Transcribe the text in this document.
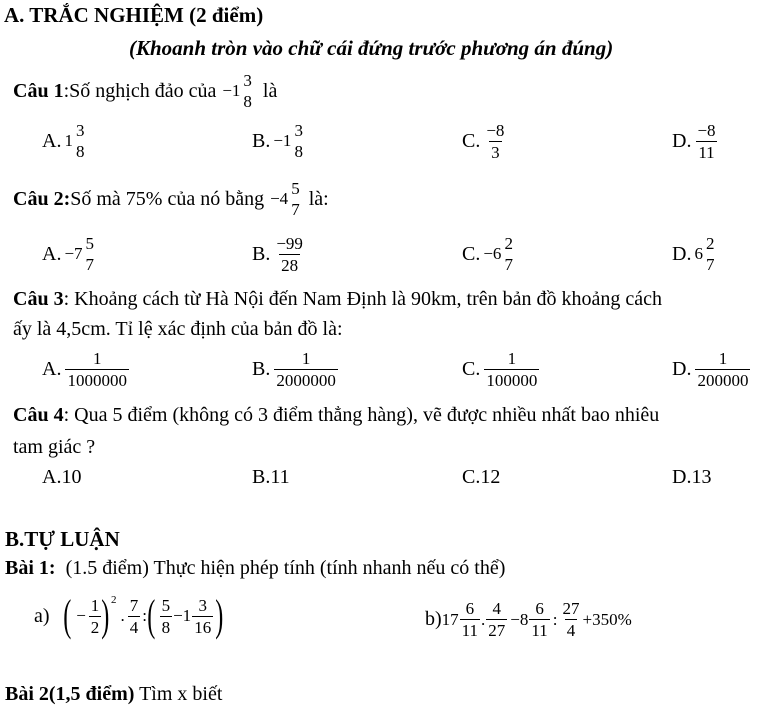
A. TRẮC NGHIỆM (2 điểm)
(Khoanh tròn vào chữ cái đứng trước phương án đúng)
Câu 1 : Số nghịch đảo của −1
3
8 là
A. 1
3
8	B. −1
3
8	C. $\frac{-8}{3}$	D. $\frac{-8}{11}$
Câu 2: Số mà 75% của nó bằng −4
5
7 là:
A. −7
5
7	B. $\frac{-99}{28}$	C. −6
2
7	D. 6
2
7
Câu 3: Khoảng cách từ Hà Nội đến Nam Định là 90km, trên bản đồ khoảng cách
ấy là 4,5cm. Tỉ lệ xác định của bản đồ là:
A. $\frac{1}{1000000}$	B. $\frac{1}{2000000}$	C. $\frac{1}{100000}$	D. $\frac{1}{200000}$
Câu 4: Qua 5 điểm (không có 3 điểm thẳng hàng), vẽ được nhiều nhất bao nhiêu
tam giác ?
A. 10	B. 11	C. 12	D. 13
B.TỰ LUẬN
Bài 1:  (1.5 điểm) Thực hiện phép tính (tính nhanh nếu có thể)
a) ( − $\frac{1}{2}$ ) 2
. $\frac{7}{4}$ : ( $\frac{5}{8} -1 \frac{3}{16}$ )	b) $17 \frac{6}{11}$ . $\frac{4}{27} -8 \frac{6}{11}$ : $\frac{27}{4} +350\%$
Bài 2(1,5 điểm) Tìm x biết
